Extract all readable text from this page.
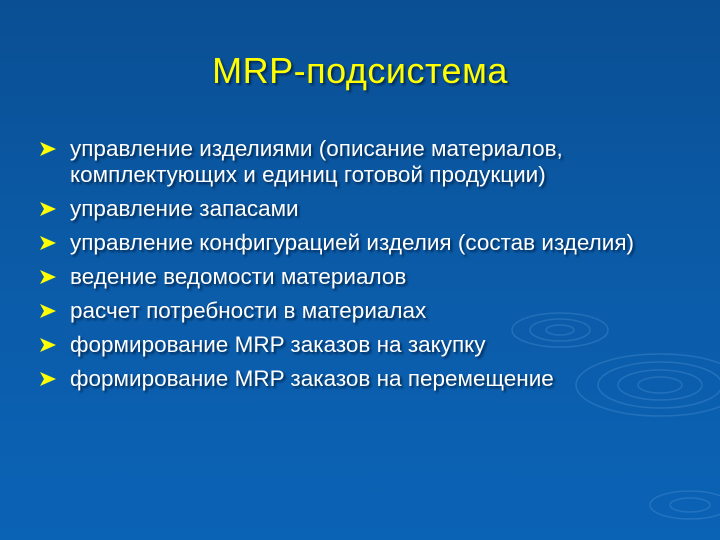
MRP-подсистема
управление изделиями (описание материалов, комплектующих и единиц готовой продукции)
управление запасами
управление конфигурацией изделия (состав изделия)
ведение ведомости материалов
расчет потребности в материалах
формирование MRP заказов на закупку
формирование MRP заказов на перемещение
